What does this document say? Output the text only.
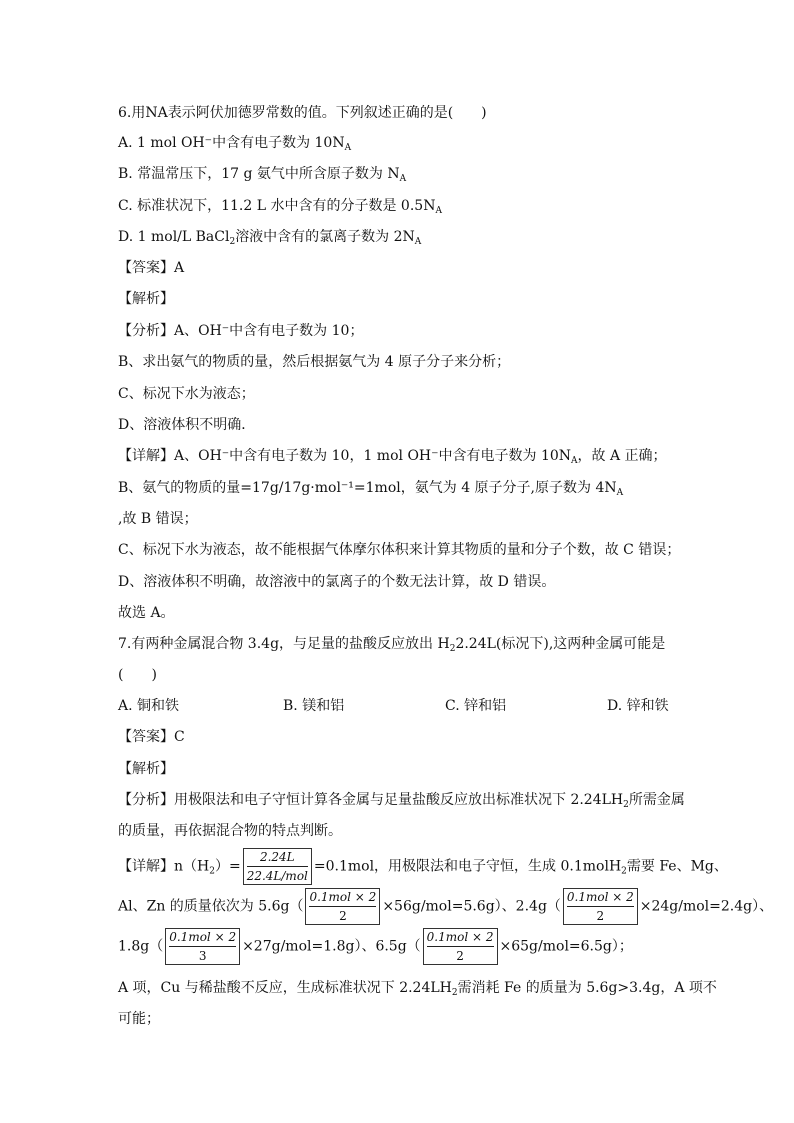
6.用NA表示阿伏加德罗常数的值。下列叙述正确的是(　　)
A. 1 mol OH⁻中含有电子数为 $10N_A$
B. 常温常压下，17 g 氨气中所含原子数为 $N_A$
C. 标准状况下，11.2 L 水中含有的分子数是 $0.5N_A$
D. 1 mol/L BaCl$_2$溶液中含有的氯离子数为 $2N_A$
【答案】A
【解析】
【分析】A、OH⁻中含有电子数为 10；
B、求出氨气的物质的量，然后根据氨气为 4 原子分子来分析；
C、标况下水为液态；
D、溶液体积不明确．
【详解】A、OH⁻中含有电子数为 10，1 mol OH⁻中含有电子数为 $10N_A$，故 A 正确；
B、氨气的物质的量=17g/17g·mol⁻¹=1mol，氨气为 4 原子分子,原子数为 $4N_A$
,故 B 错误；
C、标况下水为液态，故不能根据气体摩尔体积来计算其物质的量和分子个数，故 C 错误；
D、溶液体积不明确，故溶液中的氯离子的个数无法计算，故 D 错误。
故选 A。
7.有两种金属混合物 3.4g，与足量的盐酸反应放出 $H_22.24L$(标况下),这两种金属可能是
(　　)
A. 铜和铁	B. 镁和铝	C. 锌和铝	D. 锌和铁
【答案】C
【解析】
【分析】用极限法和电子守恒计算各金属与足量盐酸反应放出标准状况下 $2.24LH_2$所需金属
的质量，再依据混合物的特点判断。
【详解】$n(H_2)= \frac{2.24L}{\text{22.4L/mol}} =0.1mol$，用极限法和电子守恒，生成 0.1molH$_2$需要 Fe、Mg、
Al、Zn 的质量依次为 $5.6g( \frac{\text{0.1mol × 2}}{2} \times 56g/mol=5.6g)$、$2.4g( \frac{\text{0.1mol × 2}}{2} \times 24g/mol=2.4g)$、
$1.8g( \frac{\text{0.1mol × 2}}{3} \times 27g/mol=1.8g)$、$6.5g( \frac{\text{0.1mol × 2}}{2} \times 65g/mol=6.5g)$；
A 项，Cu 与稀盐酸不反应，生成标准状况下 $2.24LH_2$需消耗 Fe 的质量为 5.6g>3.4g，A 项不
可能；
